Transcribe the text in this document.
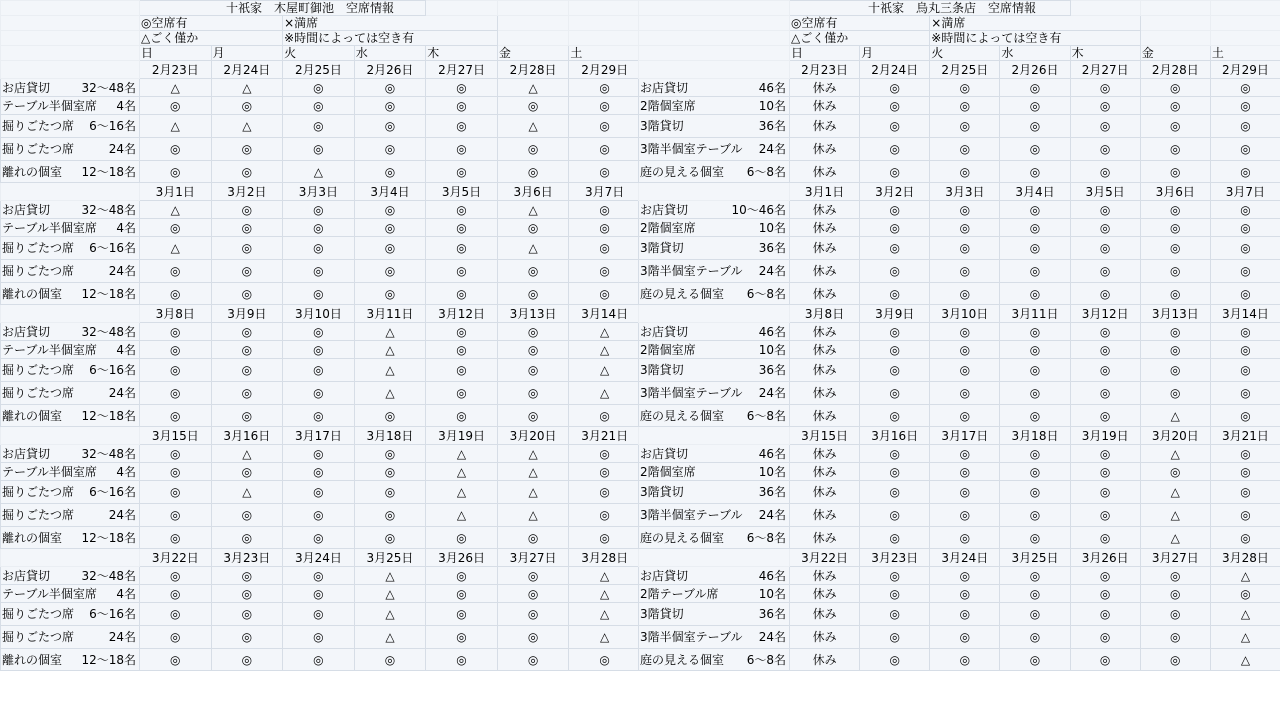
	十祇家　木屋町御池　空席情報						
	◎空席有		×満席				
	△ごく僅か		※時間によっては空き有				
	日	月	火	水	木	金	土
	2月23日	2月24日	2月25日	2月26日	2月27日	2月28日	2月29日

お店貸切 32〜48名	△	△	◎	◎	◎	△	◎

テーブル半個室席 4名	◎	◎	◎	◎	◎	◎	◎

掘りごたつ席 6〜16名	△	△	◎	◎	◎	△	◎

掘りごたつ席 24名	◎	◎	◎	◎	◎	◎	◎

離れの個室 12〜18名	◎	◎	△	◎	◎	◎	◎
	3月1日	3月2日	3月3日	3月4日	3月5日	3月6日	3月7日

お店貸切 32〜48名	△	◎	◎	◎	◎	△	◎

テーブル半個室席 4名	◎	◎	◎	◎	◎	◎	◎

掘りごたつ席 6〜16名	△	◎	◎	◎	◎	△	◎

掘りごたつ席 24名	◎	◎	◎	◎	◎	◎	◎

離れの個室 12〜18名	◎	◎	◎	◎	◎	◎	◎
	3月8日	3月9日	3月10日	3月11日	3月12日	3月13日	3月14日

お店貸切 32〜48名	◎	◎	◎	△	◎	◎	△

テーブル半個室席 4名	◎	◎	◎	△	◎	◎	△

掘りごたつ席 6〜16名	◎	◎	◎	△	◎	◎	△

掘りごたつ席 24名	◎	◎	◎	△	◎	◎	△

離れの個室 12〜18名	◎	◎	◎	◎	◎	◎	◎
	3月15日	3月16日	3月17日	3月18日	3月19日	3月20日	3月21日

お店貸切 32〜48名	◎	△	◎	◎	△	△	◎

テーブル半個室席 4名	◎	◎	◎	◎	△	△	◎

掘りごたつ席 6〜16名	◎	△	◎	◎	△	△	◎

掘りごたつ席 24名	◎	◎	◎	◎	△	△	◎

離れの個室 12〜18名	◎	◎	◎	◎	◎	◎	◎
	3月22日	3月23日	3月24日	3月25日	3月26日	3月27日	3月28日

お店貸切 32〜48名	◎	◎	◎	△	◎	◎	△

テーブル半個室席 4名	◎	◎	◎	△	◎	◎	△

掘りごたつ席 6〜16名	◎	◎	◎	△	◎	◎	△

掘りごたつ席 24名	◎	◎	◎	△	◎	◎	△

離れの個室 12〜18名	◎	◎	◎	◎	◎	◎	◎
	十祇家　烏丸三条店　空席情報						
	◎空席有		×満席				
	△ごく僅か		※時間によっては空き有				
	日	月	火	水	木	金	土
	2月23日	2月24日	2月25日	2月26日	2月27日	2月28日	2月29日

お店貸切 46名	休み	◎	◎	◎	◎	◎	◎

2階個室席 10名	休み	◎	◎	◎	◎	◎	◎

3階貸切 36名	休み	◎	◎	◎	◎	◎	◎

3階半個室テーブル 24名	休み	◎	◎	◎	◎	◎	◎

庭の見える個室 6〜8名	休み	◎	◎	◎	◎	◎	◎
	3月1日	3月2日	3月3日	3月4日	3月5日	3月6日	3月7日

お店貸切 10〜46名	休み	◎	◎	◎	◎	◎	◎

2階個室席 10名	休み	◎	◎	◎	◎	◎	◎

3階貸切 36名	休み	◎	◎	◎	◎	◎	◎

3階半個室テーブル 24名	休み	◎	◎	◎	◎	◎	◎

庭の見える個室 6〜8名	休み	◎	◎	◎	◎	◎	◎
	3月8日	3月9日	3月10日	3月11日	3月12日	3月13日	3月14日

お店貸切 46名	休み	◎	◎	◎	◎	◎	◎

2階個室席 10名	休み	◎	◎	◎	◎	◎	◎

3階貸切 36名	休み	◎	◎	◎	◎	◎	◎

3階半個室テーブル 24名	休み	◎	◎	◎	◎	◎	◎

庭の見える個室 6〜8名	休み	◎	◎	◎	◎	△	◎
	3月15日	3月16日	3月17日	3月18日	3月19日	3月20日	3月21日

お店貸切 46名	休み	◎	◎	◎	◎	△	◎

2階個室席 10名	休み	◎	◎	◎	◎	◎	◎

3階貸切 36名	休み	◎	◎	◎	◎	△	◎

3階半個室テーブル 24名	休み	◎	◎	◎	◎	△	◎

庭の見える個室 6〜8名	休み	◎	◎	◎	◎	△	◎
	3月22日	3月23日	3月24日	3月25日	3月26日	3月27日	3月28日

お店貸切 46名	休み	◎	◎	◎	◎	◎	△

2階テーブル席 10名	休み	◎	◎	◎	◎	◎	◎

3階貸切 36名	休み	◎	◎	◎	◎	◎	△

3階半個室テーブル 24名	休み	◎	◎	◎	◎	◎	△

庭の見える個室 6〜8名	休み	◎	◎	◎	◎	◎	△
